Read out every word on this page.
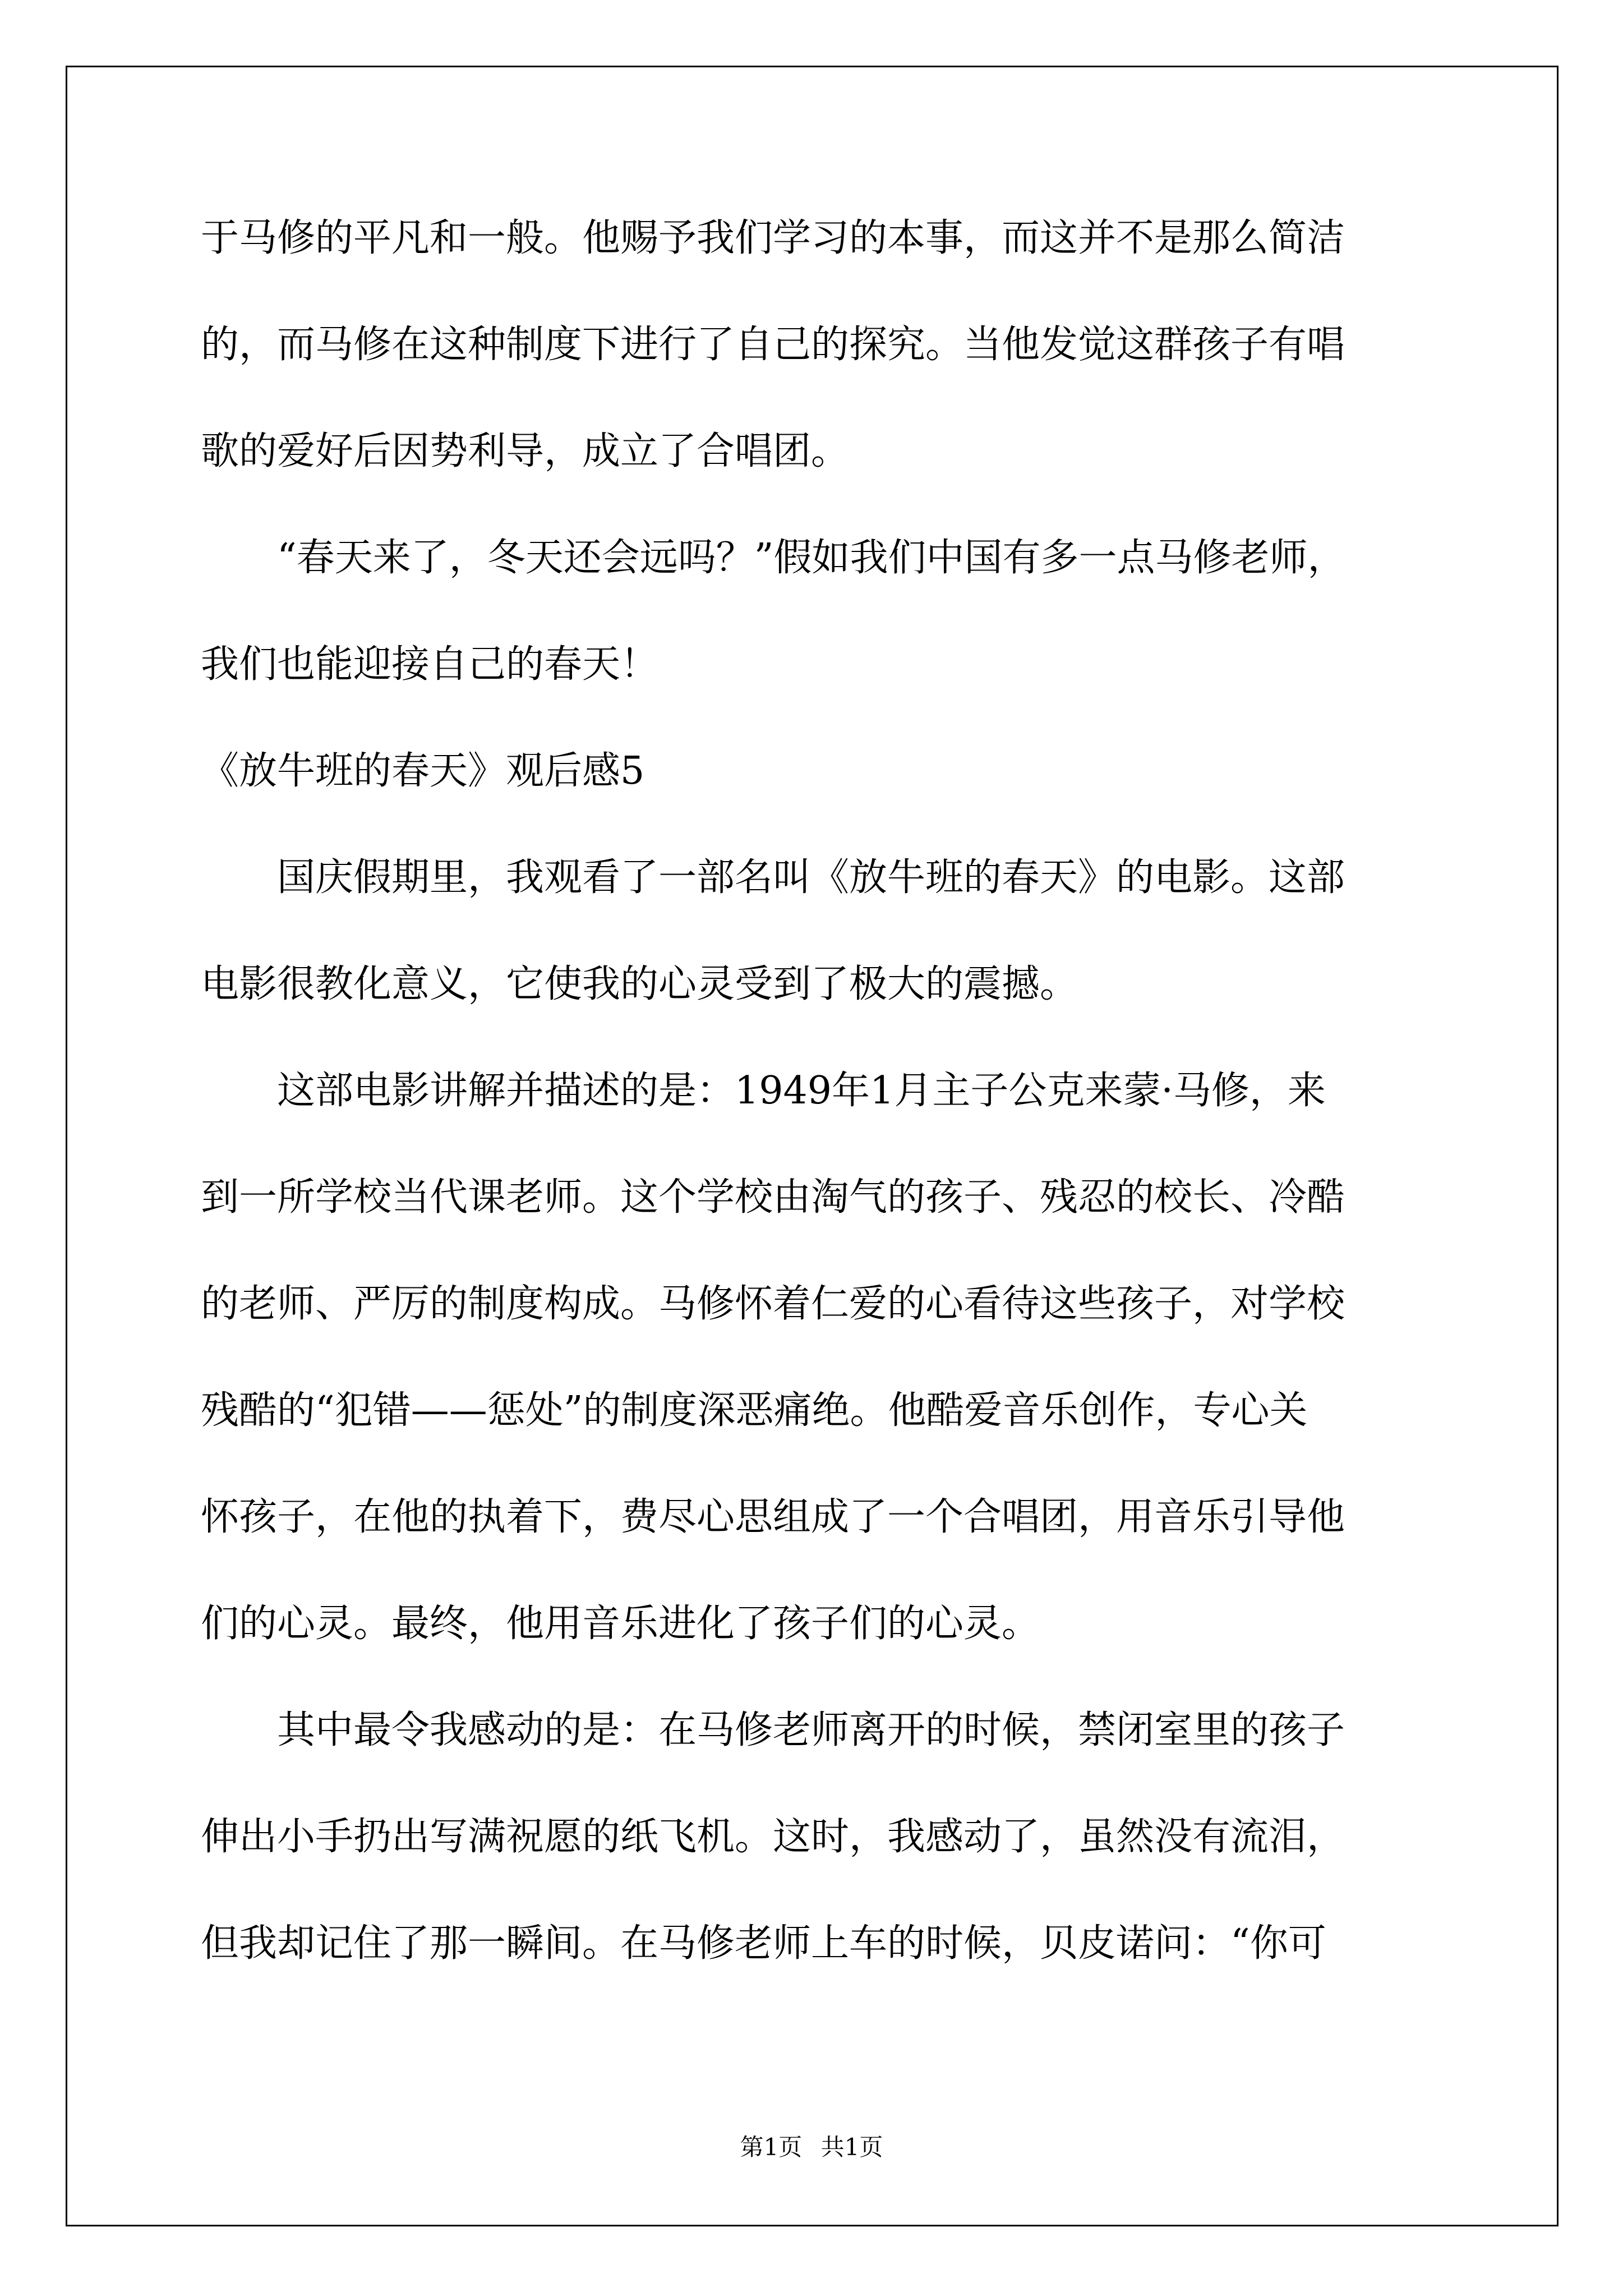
于马修的平凡和一般。他赐予我们学习的本事，而这并不是那么简洁
的，而马修在这种制度下进行了自己的探究。当他发觉这群孩子有唱
歌的爱好后因势利导，成立了合唱团。
　　“春天来了，冬天还会远吗？”假如我们中国有多一点马修老师，
我们也能迎接自己的春天！
《放牛班的春天》观后感5
　　国庆假期里，我观看了一部名叫《放牛班的春天》的电影。这部
电影很教化意义，它使我的心灵受到了极大的震撼。
　　这部电影讲解并描述的是：1949年1月主子公克来蒙·马修，来
到一所学校当代课老师。这个学校由淘气的孩子、残忍的校长、冷酷
的老师、严厉的制度构成。马修怀着仁爱的心看待这些孩子，对学校
残酷的“犯错——惩处”的制度深恶痛绝。他酷爱音乐创作，专心关
怀孩子，在他的执着下，费尽心思组成了一个合唱团，用音乐引导他
们的心灵。最终，他用音乐进化了孩子们的心灵。
　　其中最令我感动的是：在马修老师离开的时候，禁闭室里的孩子
伸出小手扔出写满祝愿的纸飞机。这时，我感动了，虽然没有流泪，
但我却记住了那一瞬间。在马修老师上车的时候，贝皮诺问：“你可
第1页 共1页
